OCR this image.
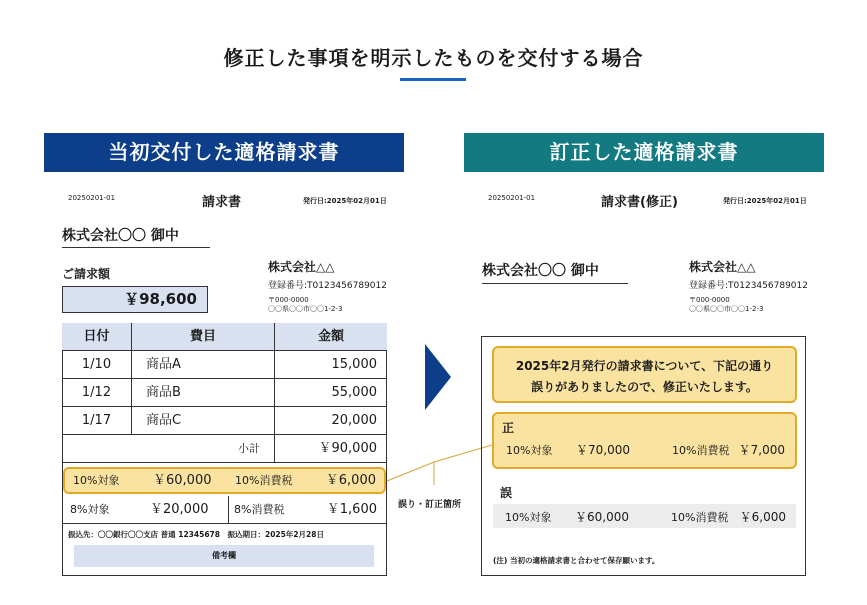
修正した事項を明示したものを交付する場合
当初交付した適格請求書	訂正した適格請求書
20250201-01	請求書	発行日:2025年02月01日
株式会社〇〇 御中
ご請求額
￥98,600
株式会社△△
登録番号:T0123456789012
〒000-0000
〇〇県〇〇市〇〇1-2-3
日付	費目	金額
1/10	商品A	15,000
1/12	商品B	55,000
1/17	商品C	20,000
小計	￥90,000
10%対象	￥60,000 10%消費税	￥6,000
8%対象	￥20,000 8%消費税	￥1,600
振込先：〇〇銀行〇〇支店 普通 12345678　振込期日：2025年2月28日
備考欄
誤り・訂正箇所
20250201-01	請求書(修正)	発行日:2025年02月01日
株式会社〇〇 御中	株式会社△△
登録番号:T0123456789012
〒000-0000
〇〇県〇〇市〇〇1-2-3
2025年2月発行の請求書について、下記の通り
誤りがありましたので、修正いたします。
正
10%対象 ￥70,000	10%消費税 ￥7,000
誤
10%対象 ￥60,000	10%消費税 ￥6,000
(注) 当初の適格請求書と合わせて保存願います。
